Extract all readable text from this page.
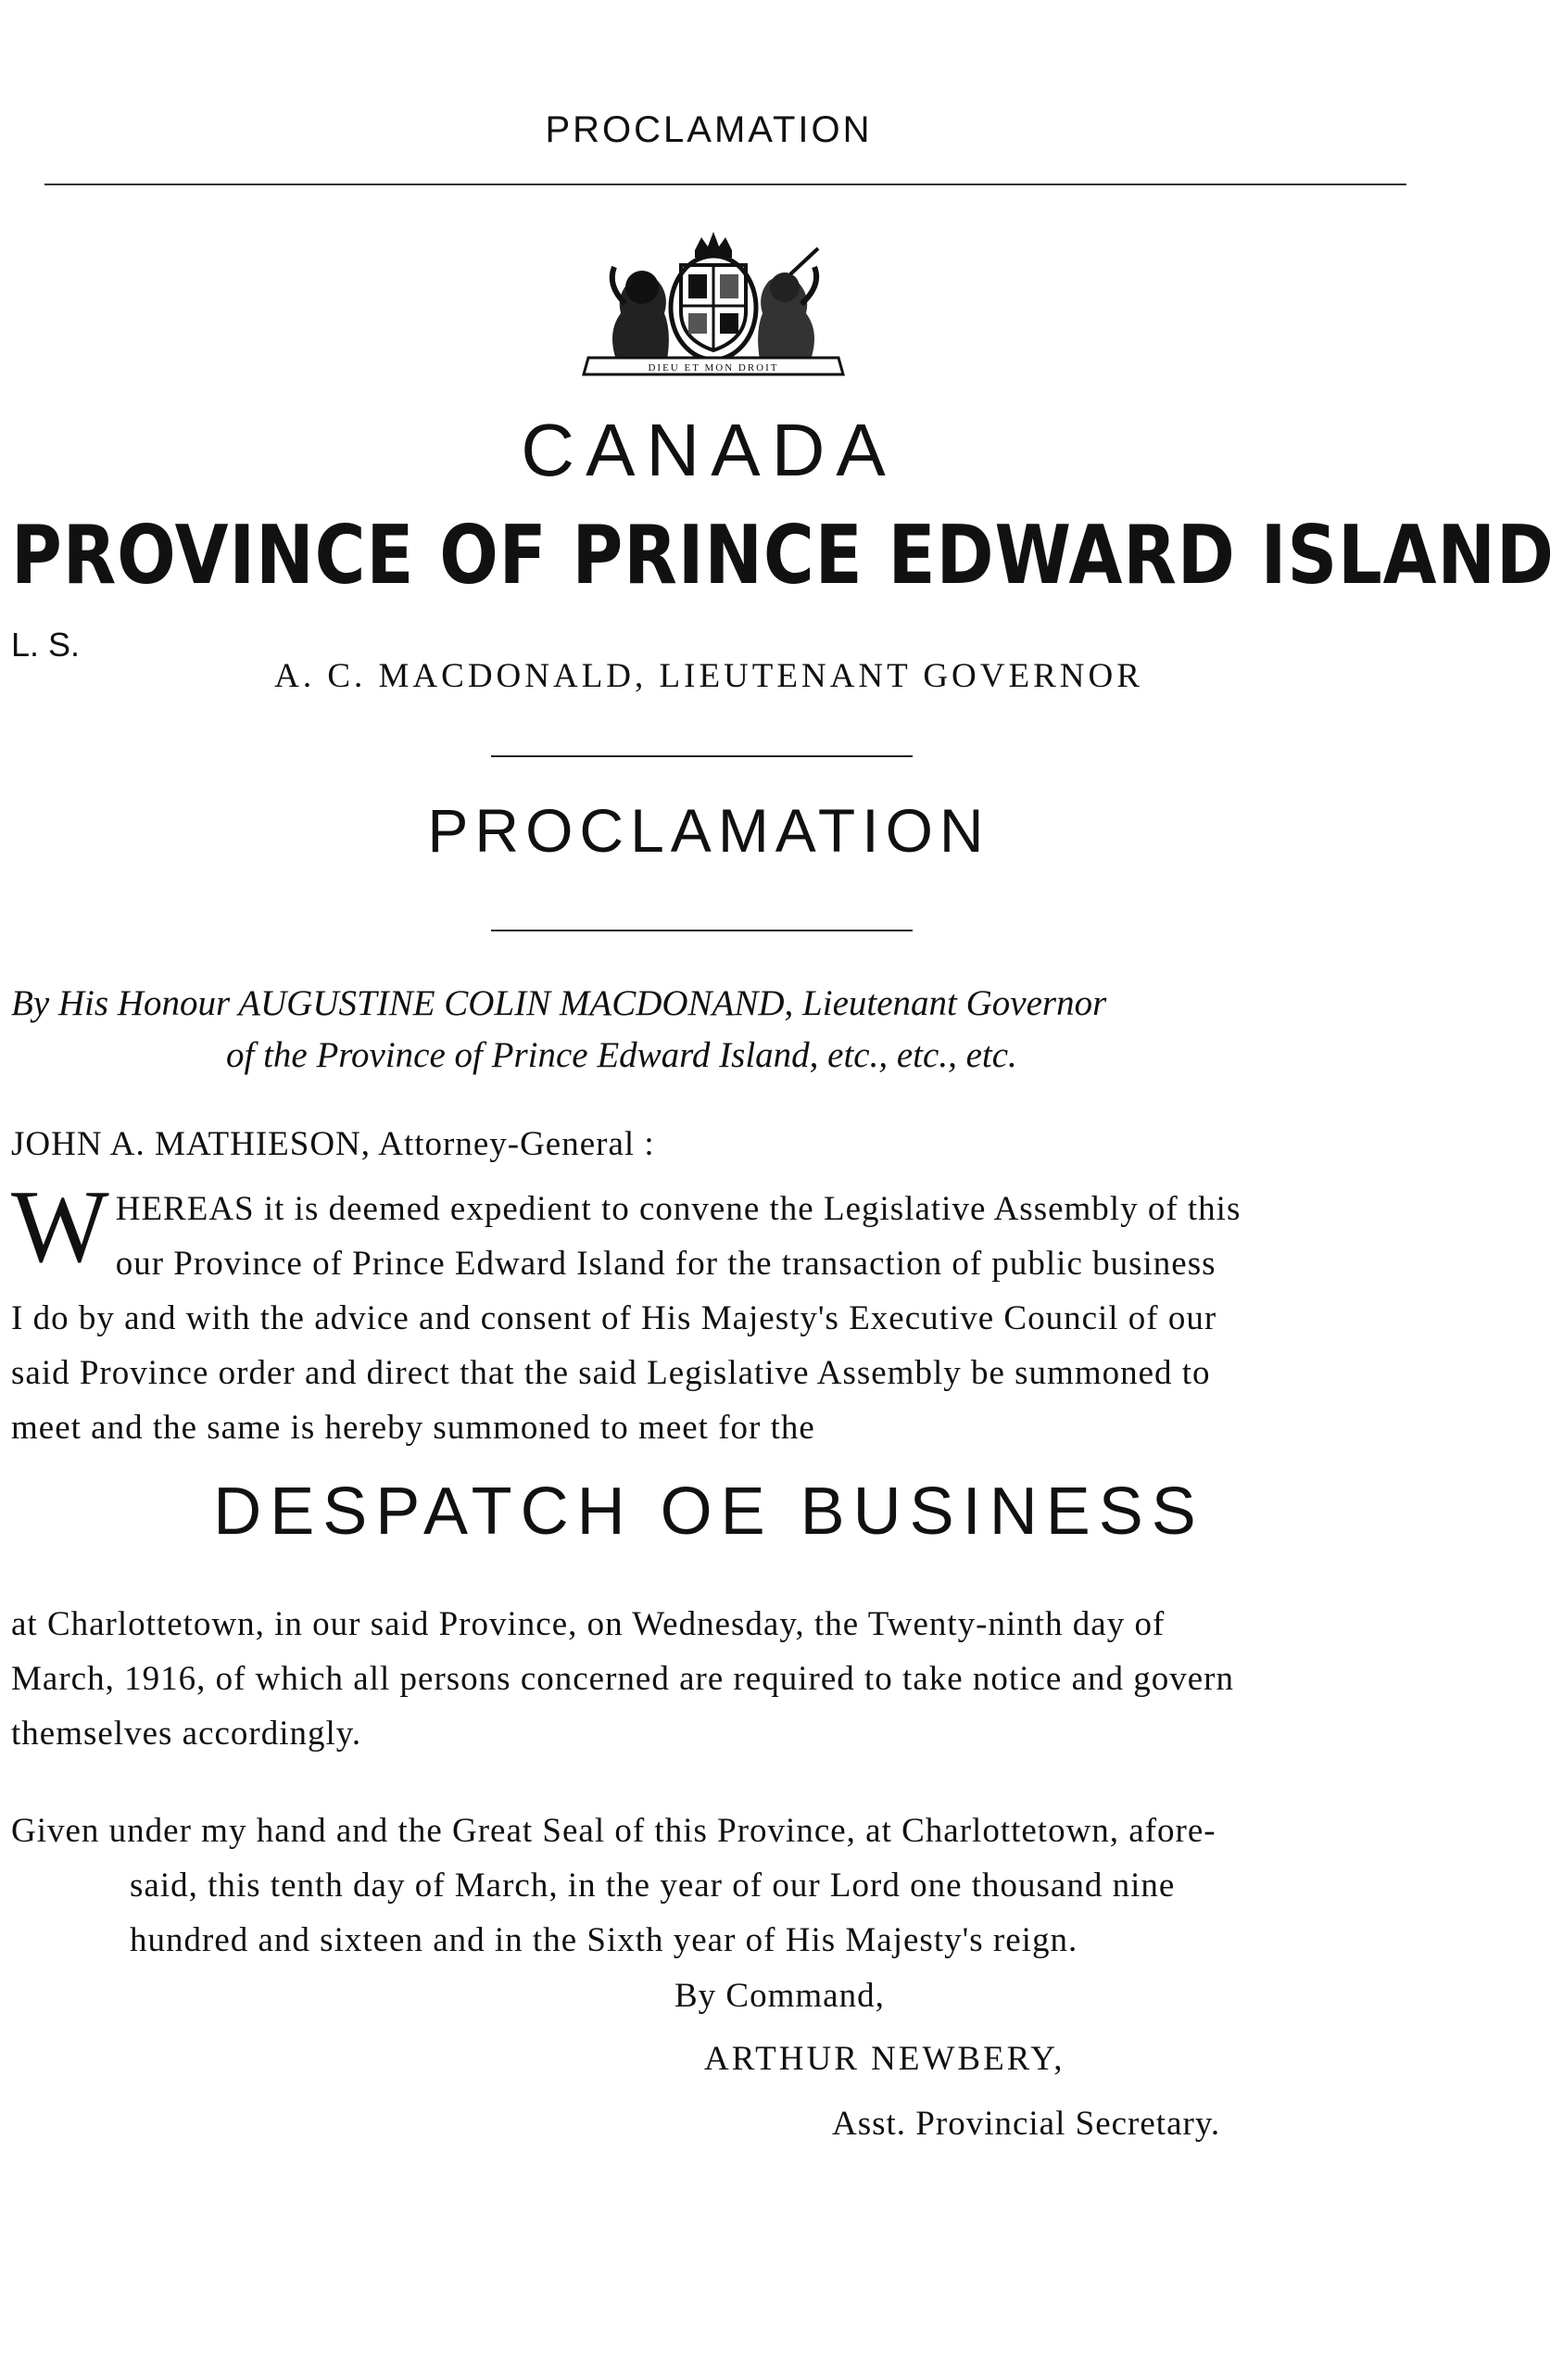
PROCLAMATION
DIEU ET MON DROIT
CANADA
PROVINCE OF PRINCE EDWARD ISLAND
L. S.
A. C. MACDONALD, LIEUTENANT GOVERNOR
PROCLAMATION
By His Honour AUGUSTINE COLIN MACDONAND, Lieutenant Governor
of the Province of Prince Edward Island, etc., etc., etc.
JOHN A. MATHIESON, Attorney-General :
W HEREAS it is deemed expedient to convene the Legislative Assembly of this
our Province of Prince Edward Island for the transaction of public business
I do by and with the advice and consent of His Majesty's Executive Council of our
said Province order and direct that the said Legislative Assembly be summoned to
meet and the same is hereby summoned to meet for the
DESPATCH OE BUSINESS
at Charlottetown, in our said Province, on Wednesday, the Twenty-ninth day of
March, 1916, of which all persons concerned are required to take notice and govern
themselves accordingly.
Given under my hand and the Great Seal of this Province, at Charlottetown, afore-
said, this tenth day of March, in the year of our Lord one thousand nine
hundred and sixteen and in the Sixth year of His Majesty's reign.
By Command,
ARTHUR NEWBERY,
Asst. Provincial Secretary.
